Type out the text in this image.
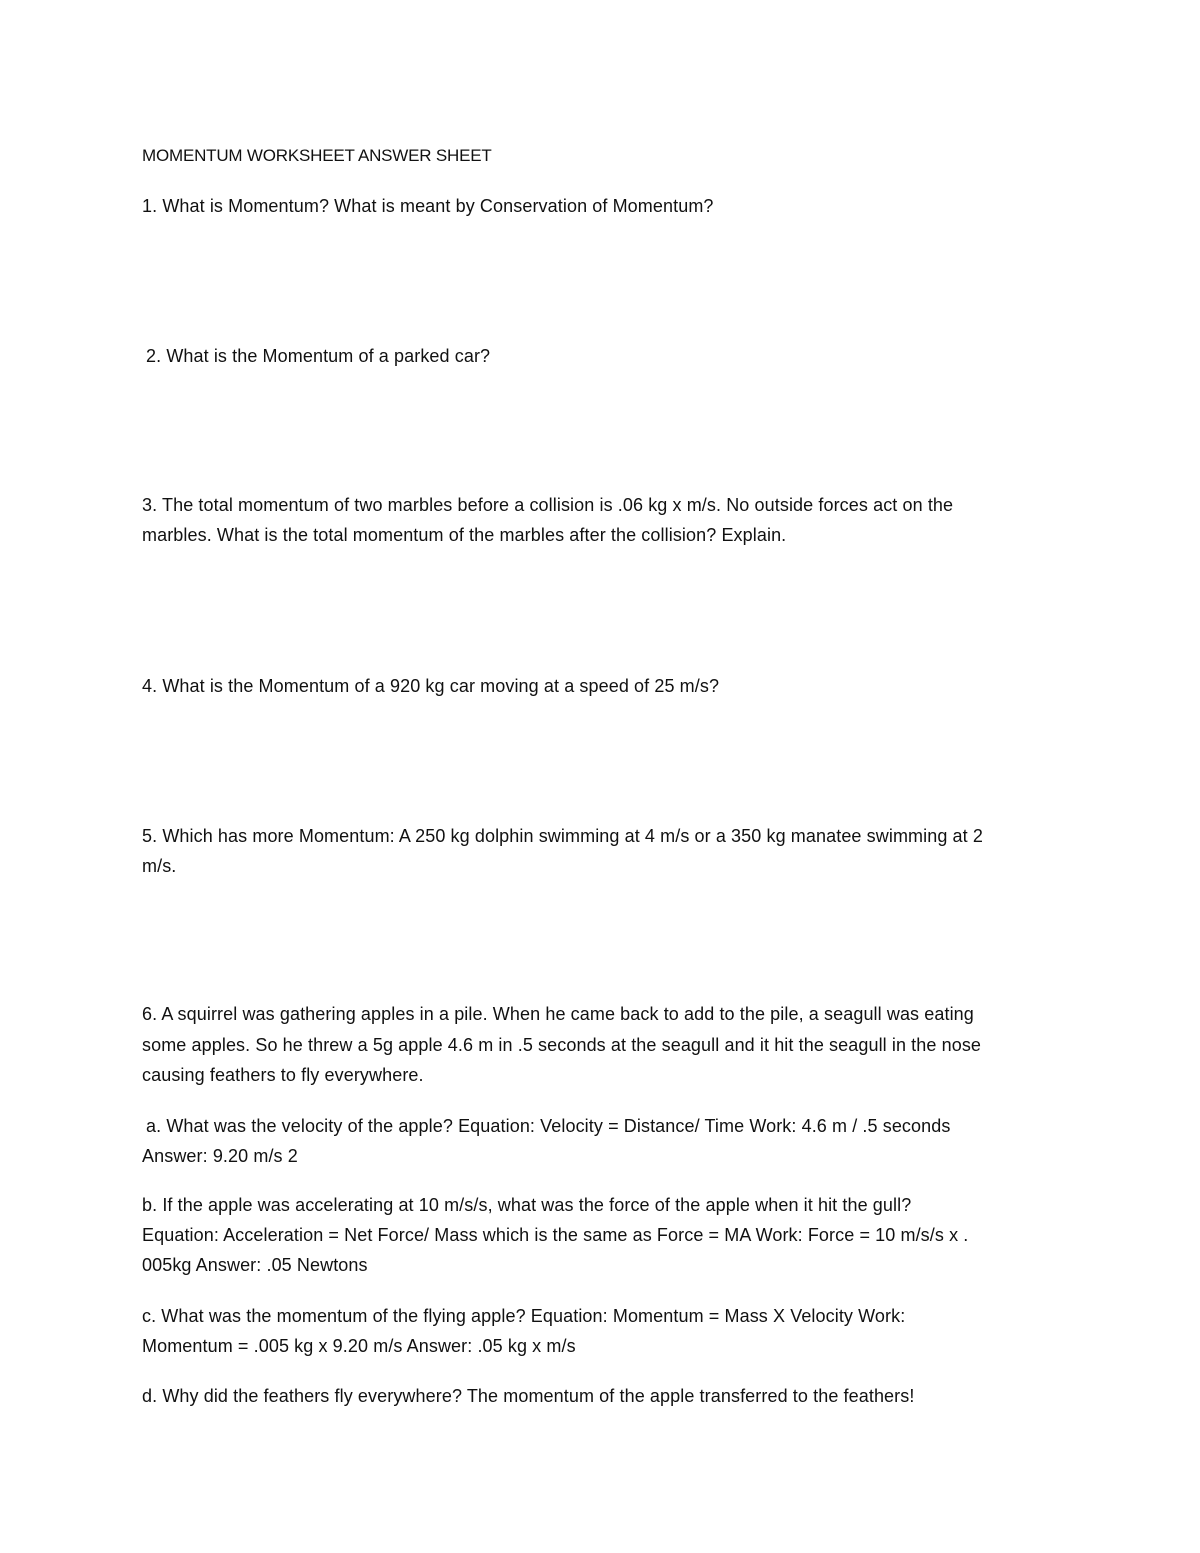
MOMENTUM WORKSHEET ANSWER SHEET
1. What is Momentum? What is meant by Conservation of Momentum?
2. What is the Momentum of a parked car?
3. The total momentum of two marbles before a collision is .06 kg x m/s. No outside forces act on the
marbles. What is the total momentum of the marbles after the collision? Explain.
4. What is the Momentum of a 920 kg car moving at a speed of 25 m/s?
5. Which has more Momentum: A 250 kg dolphin swimming at 4 m/s or a 350 kg manatee swimming at 2
m/s.
6. A squirrel was gathering apples in a pile. When he came back to add to the pile, a seagull was eating
some apples. So he threw a 5g apple 4.6 m in .5 seconds at the seagull and it hit the seagull in the nose
causing feathers to fly everywhere.
a. What was the velocity of the apple? Equation: Velocity = Distance/ Time Work: 4.6 m / .5 seconds
Answer: 9.20 m/s 2
b. If the apple was accelerating at 10 m/s/s, what was the force of the apple when it hit the gull?
Equation: Acceleration = Net Force/ Mass which is the same as Force = MA Work: Force = 10 m/s/s x .
005kg Answer: .05 Newtons
c. What was the momentum of the flying apple? Equation: Momentum = Mass X Velocity Work:
Momentum = .005 kg x 9.20 m/s Answer: .05 kg x m/s
d. Why did the feathers fly everywhere? The momentum of the apple transferred to the feathers!
